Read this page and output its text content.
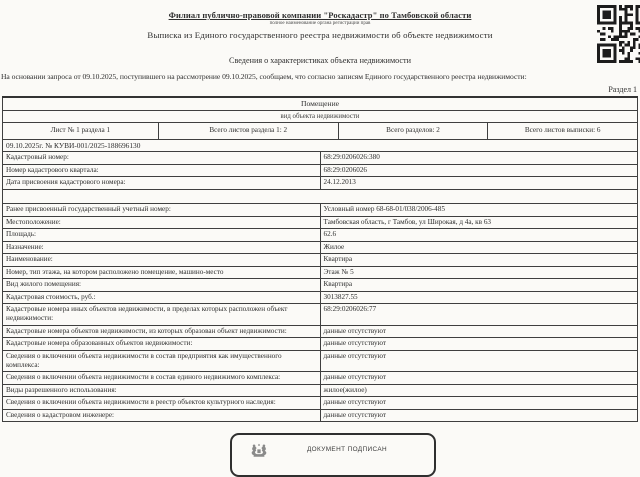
Филиал публично-правовой компании "Роскадастр" по Тамбовской области
полное наименование органа регистрации прав
Выписка из Единого государственного реестра недвижимости об объекте недвижимости
Сведения о характеристиках объекта недвижимости
На основании запроса от 09.10.2025, поступившего на рассмотрение 09.10.2025, сообщаем, что согласно записям Единого государственного реестра недвижимости:
Раздел 1
Помещение
вид объекта недвижимости
Лист № 1 раздела 1	Всего листов раздела 1: 2	Всего разделов: 2	Всего листов выписки: 6
09.10.2025г. № КУВИ-001/2025-188696130	
Кадастровый номер:	68:29:0206026:380
Номер кадастрового квартала:	68:29:0206026
Дата присвоения кадастрового номера:	24.12.2013

Ранее присвоенный государственный учетный номер:	Условный номер 68-68-01/038/2006-485
Местоположение:	Тамбовская область, г Тамбов, ул Широкая, д 4а, кв 63
Площадь:	62.6
Назначение:	Жилое
Наименование:	Квартира
Номер, тип этажа, на котором расположено помещение, машино-место	Этаж № 5
Вид жилого помещения:	Квартира
Кадастровая стоимость, руб.:	3013827.55
Кадастровые номера иных объектов недвижимости, в пределах которых расположен объект недвижимости:	68:29:0206026:77
Кадастровые номера объектов недвижимости, из которых образован объект недвижимости:	данные отсутствуют
Кадастровые номера образованных объектов недвижимости:	данные отсутствуют
Сведения о включении объекта недвижимости в состав предприятия как имущественного комплекса:	данные отсутствуют
Сведения о включении объекта недвижимости в состав единого недвижимого комплекса:	данные отсутствуют
Виды разрешенного использования:	жилое(жилое)
Сведения о включении объекта недвижимости в реестр объектов культурного наследия:	данные отсутствуют
Сведения о кадастровом инженере:	данные отсутствуют
ДОКУМЕНТ ПОДПИСАН
